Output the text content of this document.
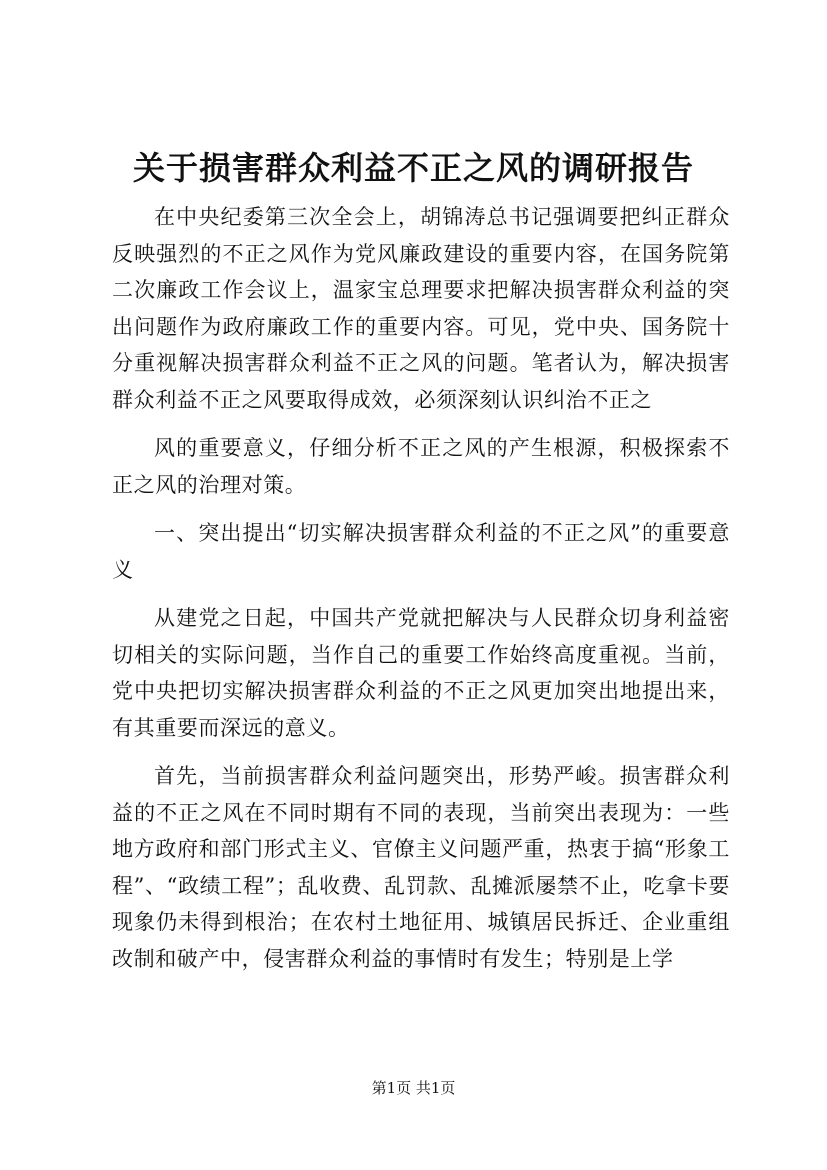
关于损害群众利益不正之风的调研报告

在中央纪委第三次全会上，胡锦涛总书记强调要把纠正群众反映强烈的不正之风作为党风廉政建设的重要内容，在国务院第二次廉政工作会议上，温家宝总理要求把解决损害群众利益的突出问题作为政府廉政工作的重要内容。可见，党中央、国务院十分重视解决损害群众利益不正之风的问题。笔者认为，解决损害群众利益不正之风要取得成效，必须深刻认识纠治不正之

风的重要意义，仔细分析不正之风的产生根源，积极探索不正之风的治理对策。

一、突出提出“切实解决损害群众利益的不正之风”的重要意义

从建党之日起，中国共产党就把解决与人民群众切身利益密切相关的实际问题，当作自己的重要工作始终高度重视。当前，党中央把切实解决损害群众利益的不正之风更加突出地提出来，有其重要而深远的意义。

首先，当前损害群众利益问题突出，形势严峻。损害群众利益的不正之风在不同时期有不同的表现，当前突出表现为：一些地方政府和部门形式主义、官僚主义问题严重，热衷于搞“形象工程”、“政绩工程”；乱收费、乱罚款、乱摊派屡禁不止，吃拿卡要现象仍未得到根治；在农村土地征用、城镇居民拆迁、企业重组改制和破产中，侵害群众利益的事情时有发生；特别是上学

第1页 共1页
